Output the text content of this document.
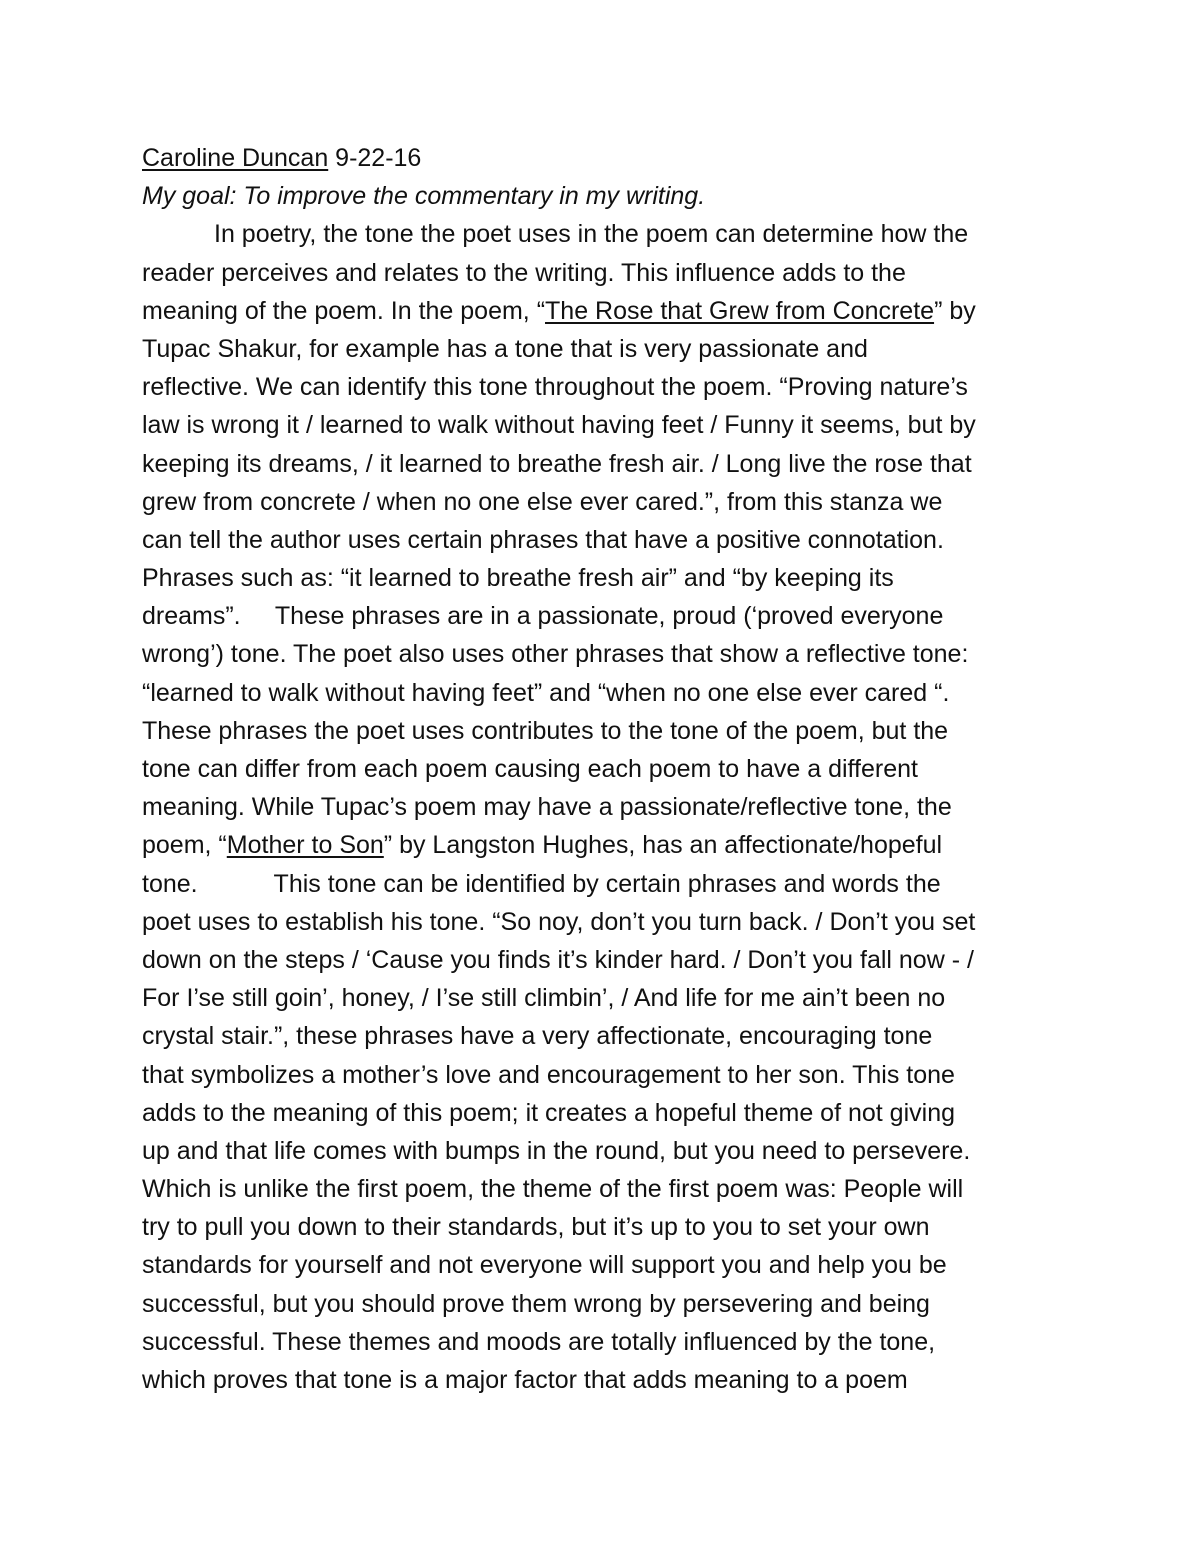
Caroline Duncan 9-22-16
My goal: To improve the commentary in my writing.
In poetry, the tone the poet uses in the poem can determine how the
reader perceives and relates to the writing. This influence adds to the
meaning of the poem. In the poem, “The Rose that Grew from Concrete” by
Tupac Shakur, for example has a tone that is very passionate and
reflective. We can identify this tone throughout the poem. “Proving nature’s
law is wrong it / learned to walk without having feet / Funny it seems, but by
keeping its dreams, / it learned to breathe fresh air. / Long live the rose that
grew from concrete / when no one else ever cared.”, from this stanza we
can tell the author uses certain phrases that have a positive connotation.
Phrases such as: “it learned to breathe fresh air” and “by keeping its
dreams”.     These phrases are in a passionate, proud (‘proved everyone
wrong’) tone. The poet also uses other phrases that show a reflective tone:
“learned to walk without having feet” and “when no one else ever cared “.
These phrases the poet uses contributes to the tone of the poem, but the
tone can differ from each poem causing each poem to have a different
meaning. While Tupac’s poem may have a passionate/reflective tone, the
poem, “Mother to Son” by Langston Hughes, has an affectionate/hopeful
tone.           This tone can be identified by certain phrases and words the
poet uses to establish his tone. “So noy, don’t you turn back. / Don’t you set
down on the steps / ‘Cause you finds it’s kinder hard. / Don’t you fall now - /
For I’se still goin’, honey, / I’se still climbin’, / And life for me ain’t been no
crystal stair.”, these phrases have a very affectionate, encouraging tone
that symbolizes a mother’s love and encouragement to her son. This tone
adds to the meaning of this poem; it creates a hopeful theme of not giving
up and that life comes with bumps in the round, but you need to persevere.
Which is unlike the first poem, the theme of the first poem was: People will
try to pull you down to their standards, but it’s up to you to set your own
standards for yourself and not everyone will support you and help you be
successful, but you should prove them wrong by persevering and being
successful. These themes and moods are totally influenced by the tone,
which proves that tone is a major factor that adds meaning to a poem
